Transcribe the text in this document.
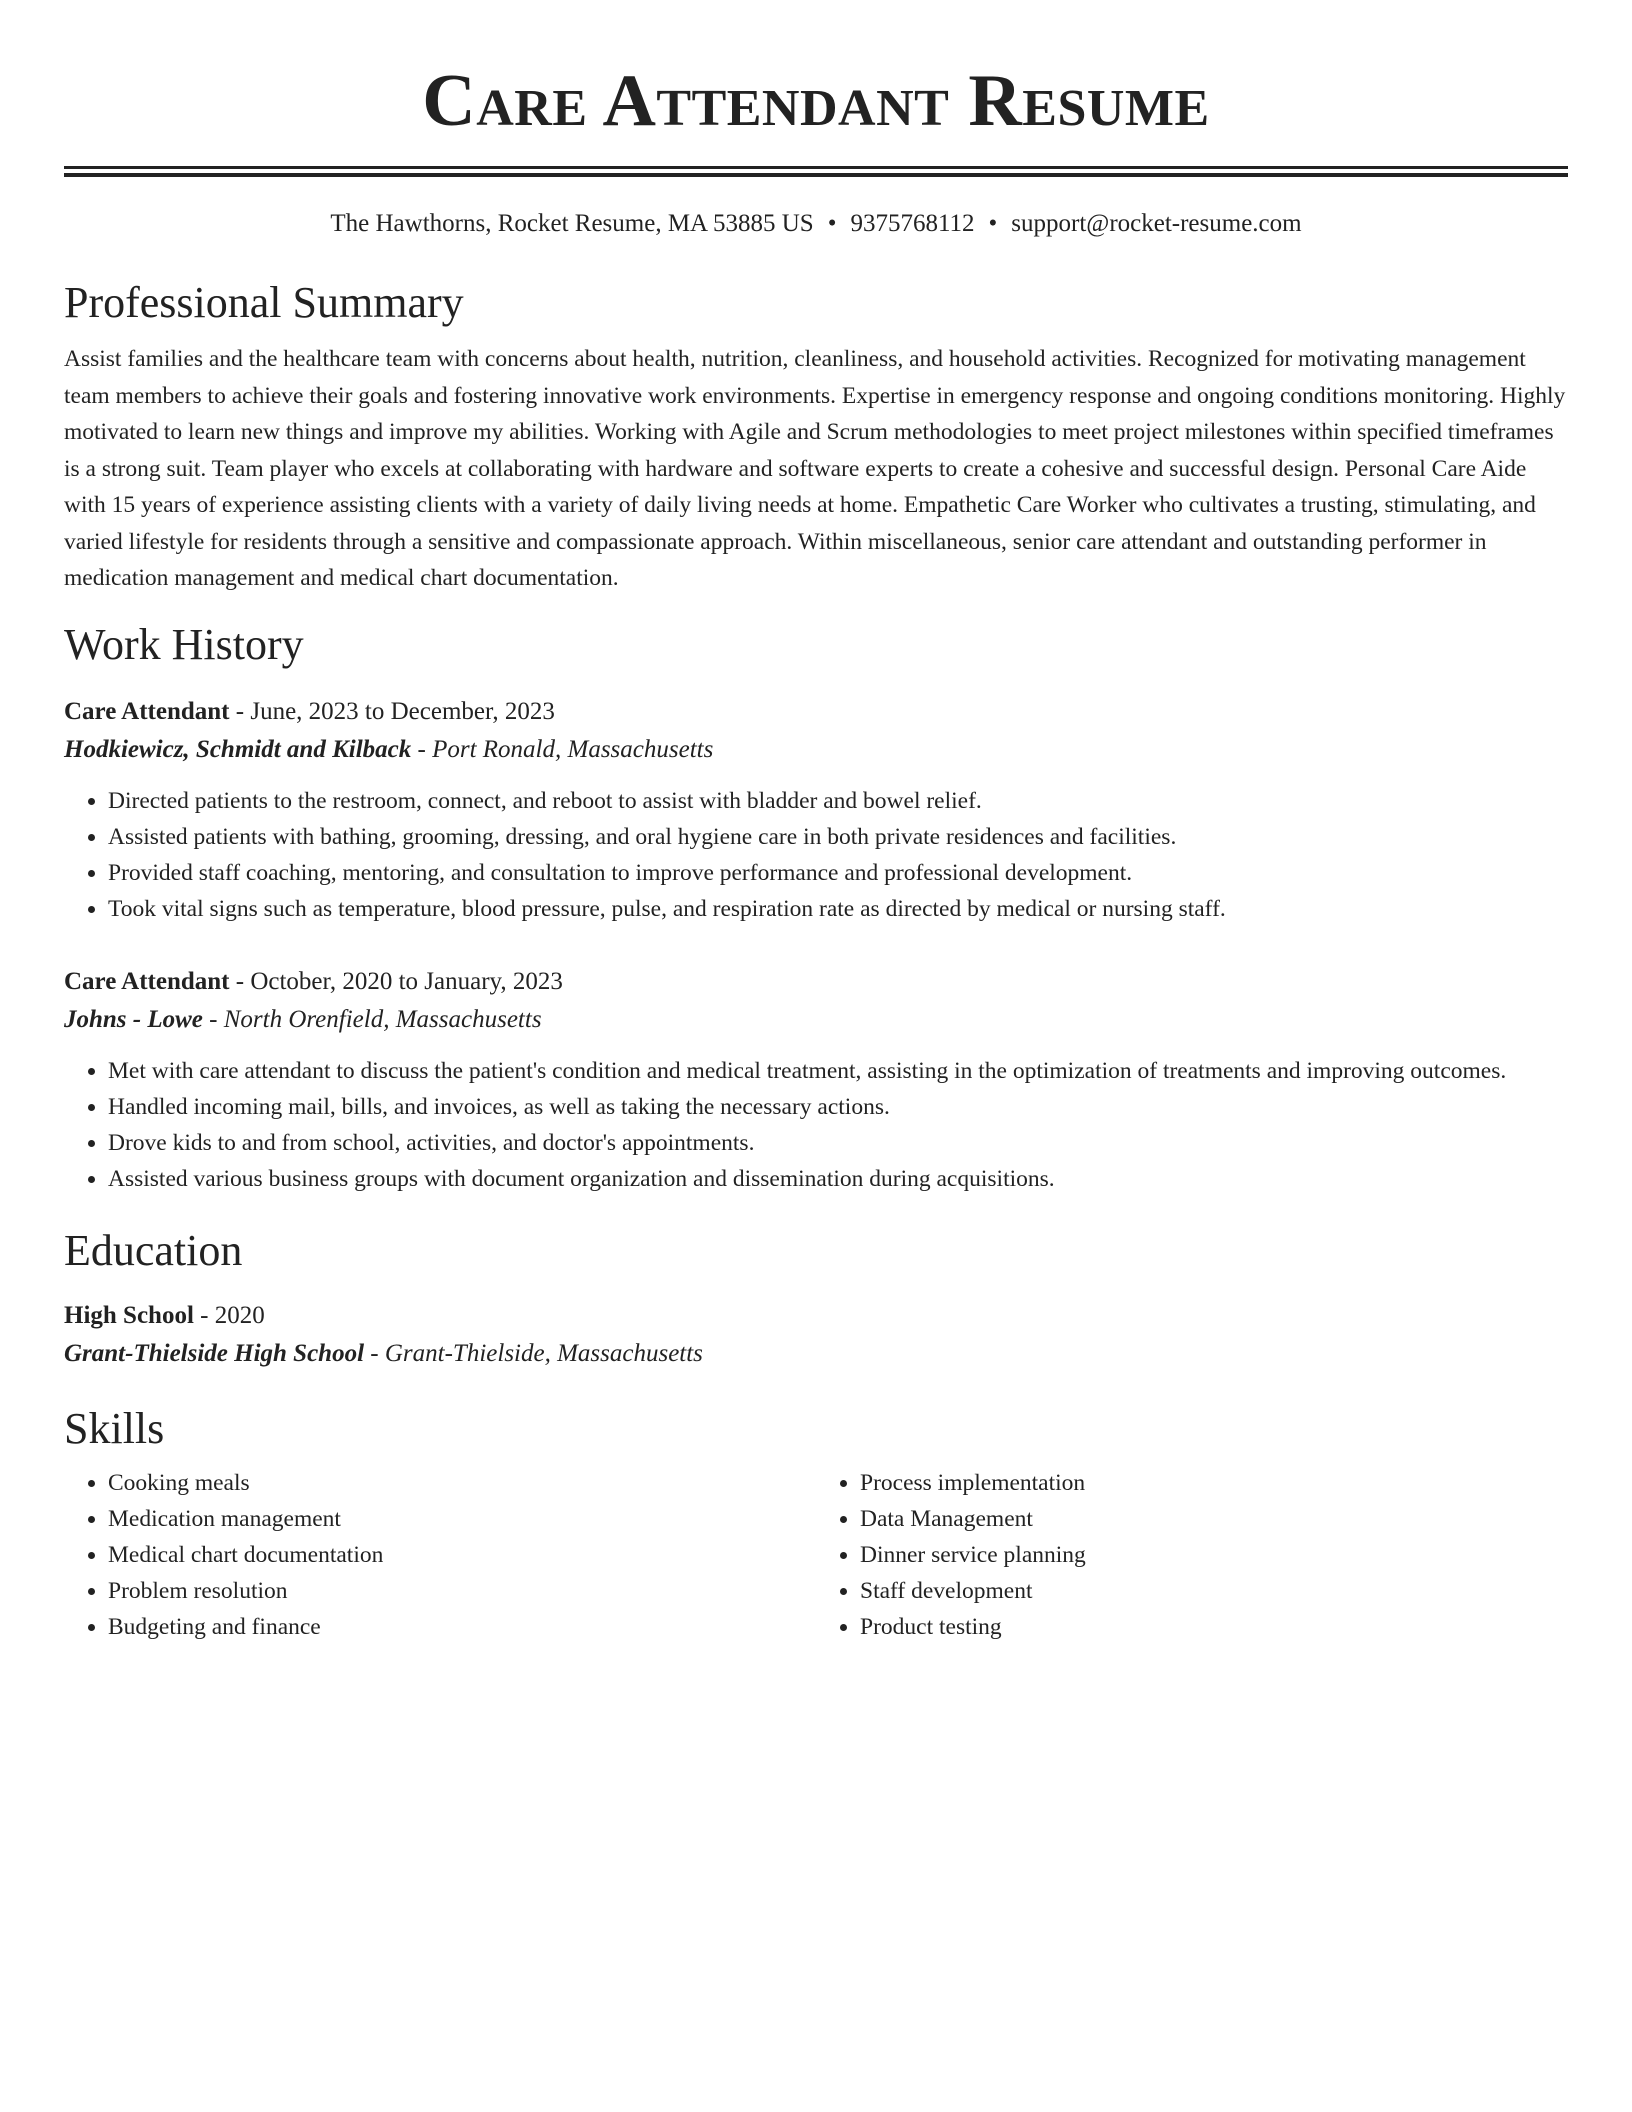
Care Attendant Resume
The Hawthorns, Rocket Resume, MA 53885 US • 9375768112 • support@rocket-resume.com
Professional Summary

Assist families and the healthcare team with concerns about health, nutrition, cleanliness, and household activities. Recognized for motivating management team members to achieve their goals and fostering innovative work environments. Expertise in emergency response and ongoing conditions monitoring. Highly motivated to learn new things and improve my abilities. Working with Agile and Scrum methodologies to meet project milestones within specified timeframes is a strong suit. Team player who excels at collaborating with hardware and software experts to create a cohesive and successful design. Personal Care Aide with 15 years of experience assisting clients with a variety of daily living needs at home. Empathetic Care Worker who cultivates a trusting, stimulating, and varied lifestyle for residents through a sensitive and compassionate approach. Within miscellaneous, senior care attendant and outstanding performer in medication management and medical chart documentation.

Work History
Care Attendant - June, 2023 to December, 2023
Hodkiewicz, Schmidt and Kilback - Port Ronald, Massachusetts
• Directed patients to the restroom, connect, and reboot to assist with bladder and bowel relief.
• Assisted patients with bathing, grooming, dressing, and oral hygiene care in both private residences and facilities.
• Provided staff coaching, mentoring, and consultation to improve performance and professional development.
• Took vital signs such as temperature, blood pressure, pulse, and respiration rate as directed by medical or nursing staff.
Care Attendant - October, 2020 to January, 2023
Johns - Lowe - North Orenfield, Massachusetts
• Met with care attendant to discuss the patient's condition and medical treatment, assisting in the optimization of treatments and improving outcomes.
• Handled incoming mail, bills, and invoices, as well as taking the necessary actions.
• Drove kids to and from school, activities, and doctor's appointments.
• Assisted various business groups with document organization and dissemination during acquisitions.
Education
High School - 2020
Grant-Thielside High School - Grant-Thielside, Massachusetts
Skills
• Cooking meals
• Medication management
• Medical chart documentation
• Problem resolution
• Budgeting and finance
• Process implementation
• Data Management
• Dinner service planning
• Staff development
• Product testing
